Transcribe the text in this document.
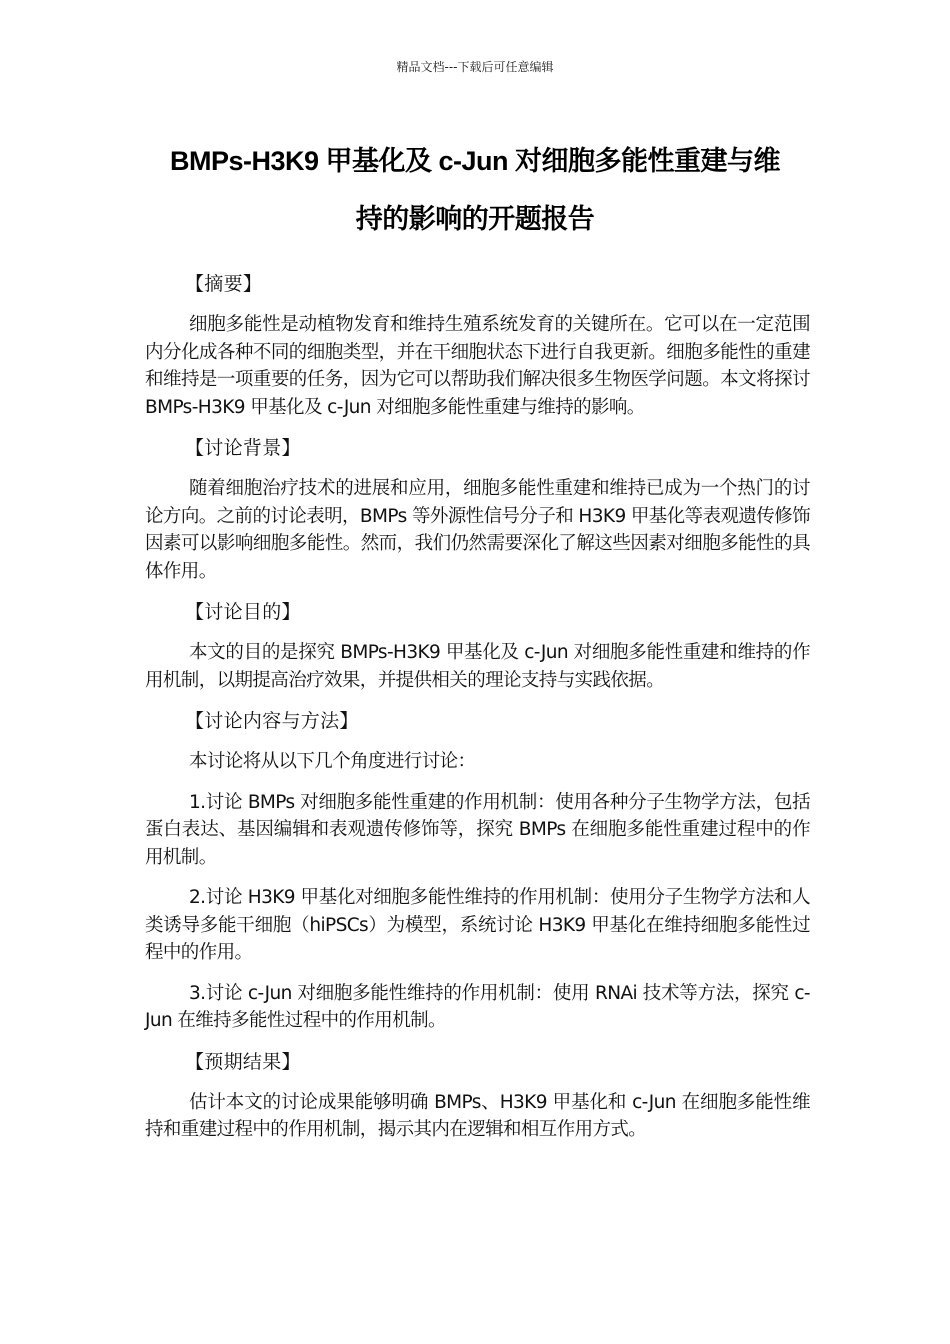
精品文档---下载后可任意编辑
BMPs-H3K9 甲基化及 c-Jun 对细胞多能性重建与维
持的影响的开题报告
【摘要】

细胞多能性是动植物发育和维持生殖系统发育的关键所在。它可以在一定范围内分化成各种不同的细胞类型，并在干细胞状态下进行自我更新。细胞多能性的重建和维持是一项重要的任务，因为它可以帮助我们解决很多生物医学问题。本文将探讨 BMPs-H3K9 甲基化及 c-Jun 对细胞多能性重建与维持的影响。

【讨论背景】

随着细胞治疗技术的进展和应用，细胞多能性重建和维持已成为一个热门的讨论方向。之前的讨论表明，BMPs 等外源性信号分子和 H3K9 甲基化等表观遗传修饰因素可以影响细胞多能性。然而，我们仍然需要深化了解这些因素对细胞多能性的具体作用。

【讨论目的】

本文的目的是探究 BMPs-H3K9 甲基化及 c-Jun 对细胞多能性重建和维持的作用机制，以期提高治疗效果，并提供相关的理论支持与实践依据。

【讨论内容与方法】

本讨论将从以下几个角度进行讨论：

1.讨论 BMPs 对细胞多能性重建的作用机制：使用各种分子生物学方法，包括蛋白表达、基因编辑和表观遗传修饰等，探究 BMPs 在细胞多能性重建过程中的作用机制。

2.讨论 H3K9 甲基化对细胞多能性维持的作用机制：使用分子生物学方法和人类诱导多能干细胞（hiPSCs）为模型，系统讨论 H3K9 甲基化在维持细胞多能性过程中的作用。

3.讨论 c-Jun 对细胞多能性维持的作用机制：使用 RNAi 技术等方法，探究 c-Jun 在维持多能性过程中的作用机制。

【预期结果】

估计本文的讨论成果能够明确 BMPs、H3K9 甲基化和 c-Jun 在细胞多能性维持和重建过程中的作用机制，揭示其内在逻辑和相互作用方式。
